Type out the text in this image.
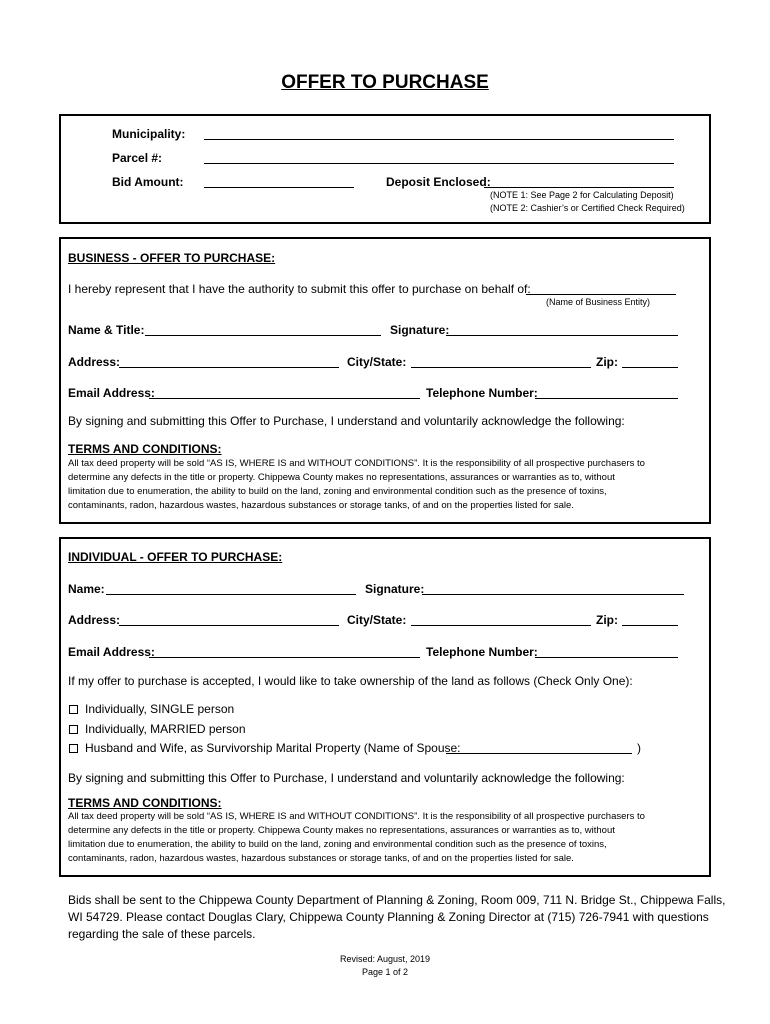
OFFER TO PURCHASE
Municipality:
Parcel #:
Bid Amount:	Deposit Enclosed:
(NOTE 1: See Page 2 for Calculating Deposit)
(NOTE 2: Cashier’s or Certified Check Required)
BUSINESS - OFFER TO PURCHASE:
I hereby represent that I have the authority to submit this offer to purchase on behalf of:
(Name of Business Entity)
Name & Title:	Signature:
Address:	City/State:	Zip:
Email Address:	Telephone Number:
By signing and submitting this Offer to Purchase, I understand and voluntarily acknowledge the following:
TERMS AND CONDITIONS:
All tax deed property will be sold “AS IS, WHERE IS and WITHOUT CONDITIONS”. It is the responsibility of all prospective purchasers to
determine any defects in the title or property. Chippewa County makes no representations, assurances or warranties as to, without
limitation due to enumeration, the ability to build on the land, zoning and environmental condition such as the presence of toxins,
contaminants, radon, hazardous wastes, hazardous substances or storage tanks, of and on the properties listed for sale.
INDIVIDUAL - OFFER TO PURCHASE:
Name:	Signature:
Address:	City/State:	Zip:
Email Address:	Telephone Number:
If my offer to purchase is accepted, I would like to take ownership of the land as follows (Check Only One):
Individually, SINGLE person
Individually, MARRIED person
Husband and Wife, as Survivorship Marital Property (Name of Spouse:	)
By signing and submitting this Offer to Purchase, I understand and voluntarily acknowledge the following:
TERMS AND CONDITIONS:
All tax deed property will be sold “AS IS, WHERE IS and WITHOUT CONDITIONS”. It is the responsibility of all prospective purchasers to
determine any defects in the title or property. Chippewa County makes no representations, assurances or warranties as to, without
limitation due to enumeration, the ability to build on the land, zoning and environmental condition such as the presence of toxins,
contaminants, radon, hazardous wastes, hazardous substances or storage tanks, of and on the properties listed for sale.
Bids shall be sent to the Chippewa County Department of Planning & Zoning, Room 009, 711 N. Bridge St., Chippewa Falls,
WI 54729. Please contact Douglas Clary, Chippewa County Planning & Zoning Director at (715) 726-7941 with questions
regarding the sale of these parcels.
Revised: August, 2019
Page 1 of 2
